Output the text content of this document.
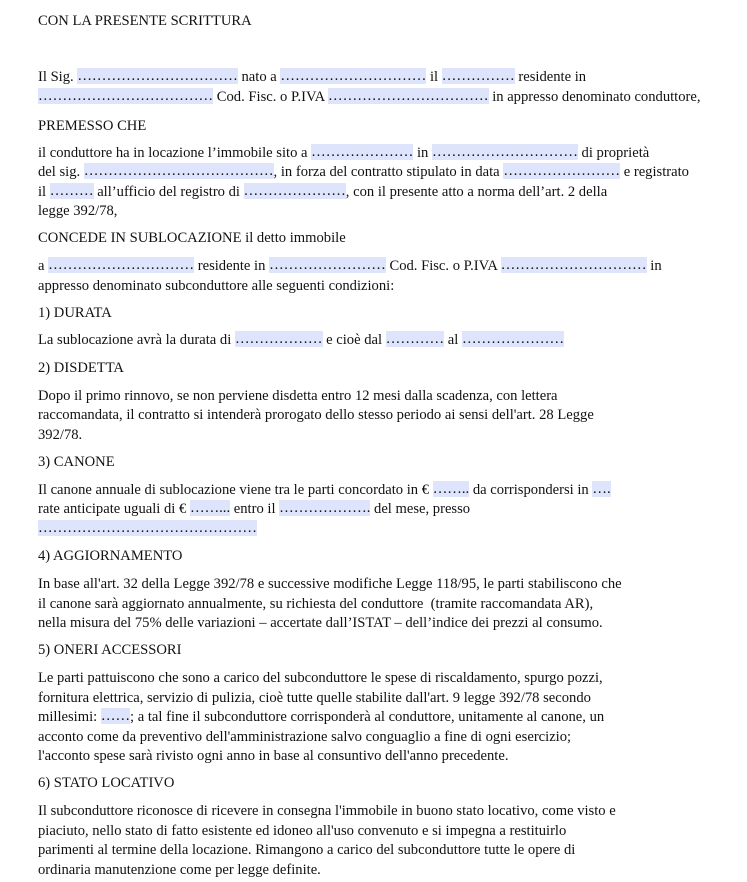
CON LA PRESENTE SCRITTURA
Il Sig. …………………………… nato a ………………………… il …………… residente in
……………………………… Cod. Fisc. o P.IVA …………………………… in appresso denominato conduttore,
PREMESSO CHE
il conduttore ha in locazione l’immobile sito a ………………… in ………………………… di proprietà
del sig. …………………………………, in forza del contratto stipulato in data …………………… e registrato
il ……… all’ufficio del registro di …………………, con il presente atto a norma dell’art. 2 della
legge 392/78,
CONCEDE IN SUBLOCAZIONE il detto immobile
a ………………………… residente in …………………… Cod. Fisc. o P.IVA ………………………… in
appresso denominato subconduttore alle seguenti condizioni:
1) DURATA
La sublocazione avrà la durata di ……………… e cioè dal ………… al …………………
2) DISDETTA
Dopo il primo rinnovo, se non perviene disdetta entro 12 mesi dalla scadenza, con lettera
raccomandata, il contratto si intenderà prorogato dello stesso periodo ai sensi dell'art. 28 Legge
392/78.
3) CANONE
Il canone annuale di sublocazione viene tra le parti concordato in € …….. da corrispondersi in ….
rate anticipate uguali di € ……... entro il ………………. del mese, presso
………………………………………
4) AGGIORNAMENTO
In base all'art. 32 della Legge 392/78 e successive modifiche Legge 118/95, le parti stabiliscono che
il canone sarà aggiornato annualmente, su richiesta del conduttore  (tramite raccomandata AR),
nella misura del 75% delle variazioni – accertate dall’ISTAT – dell’indice dei prezzi al consumo.
5) ONERI ACCESSORI
Le parti pattuiscono che sono a carico del subconduttore le spese di riscaldamento, spurgo pozzi,
fornitura elettrica, servizio di pulizia, cioè tutte quelle stabilite dall'art. 9 legge 392/78 secondo
millesimi: ……; a tal fine il subconduttore corrisponderà al conduttore, unitamente al canone, un
acconto come da preventivo dell'amministrazione salvo conguaglio a fine di ogni esercizio;
l'acconto spese sarà rivisto ogni anno in base al consuntivo dell'anno precedente.
6) STATO LOCATIVO
Il subconduttore riconosce di ricevere in consegna l'immobile in buono stato locativo, come visto e
piaciuto, nello stato di fatto esistente ed idoneo all'uso convenuto e si impegna a restituirlo
parimenti al termine della locazione. Rimangono a carico del subconduttore tutte le opere di
ordinaria manutenzione come per legge definite.
